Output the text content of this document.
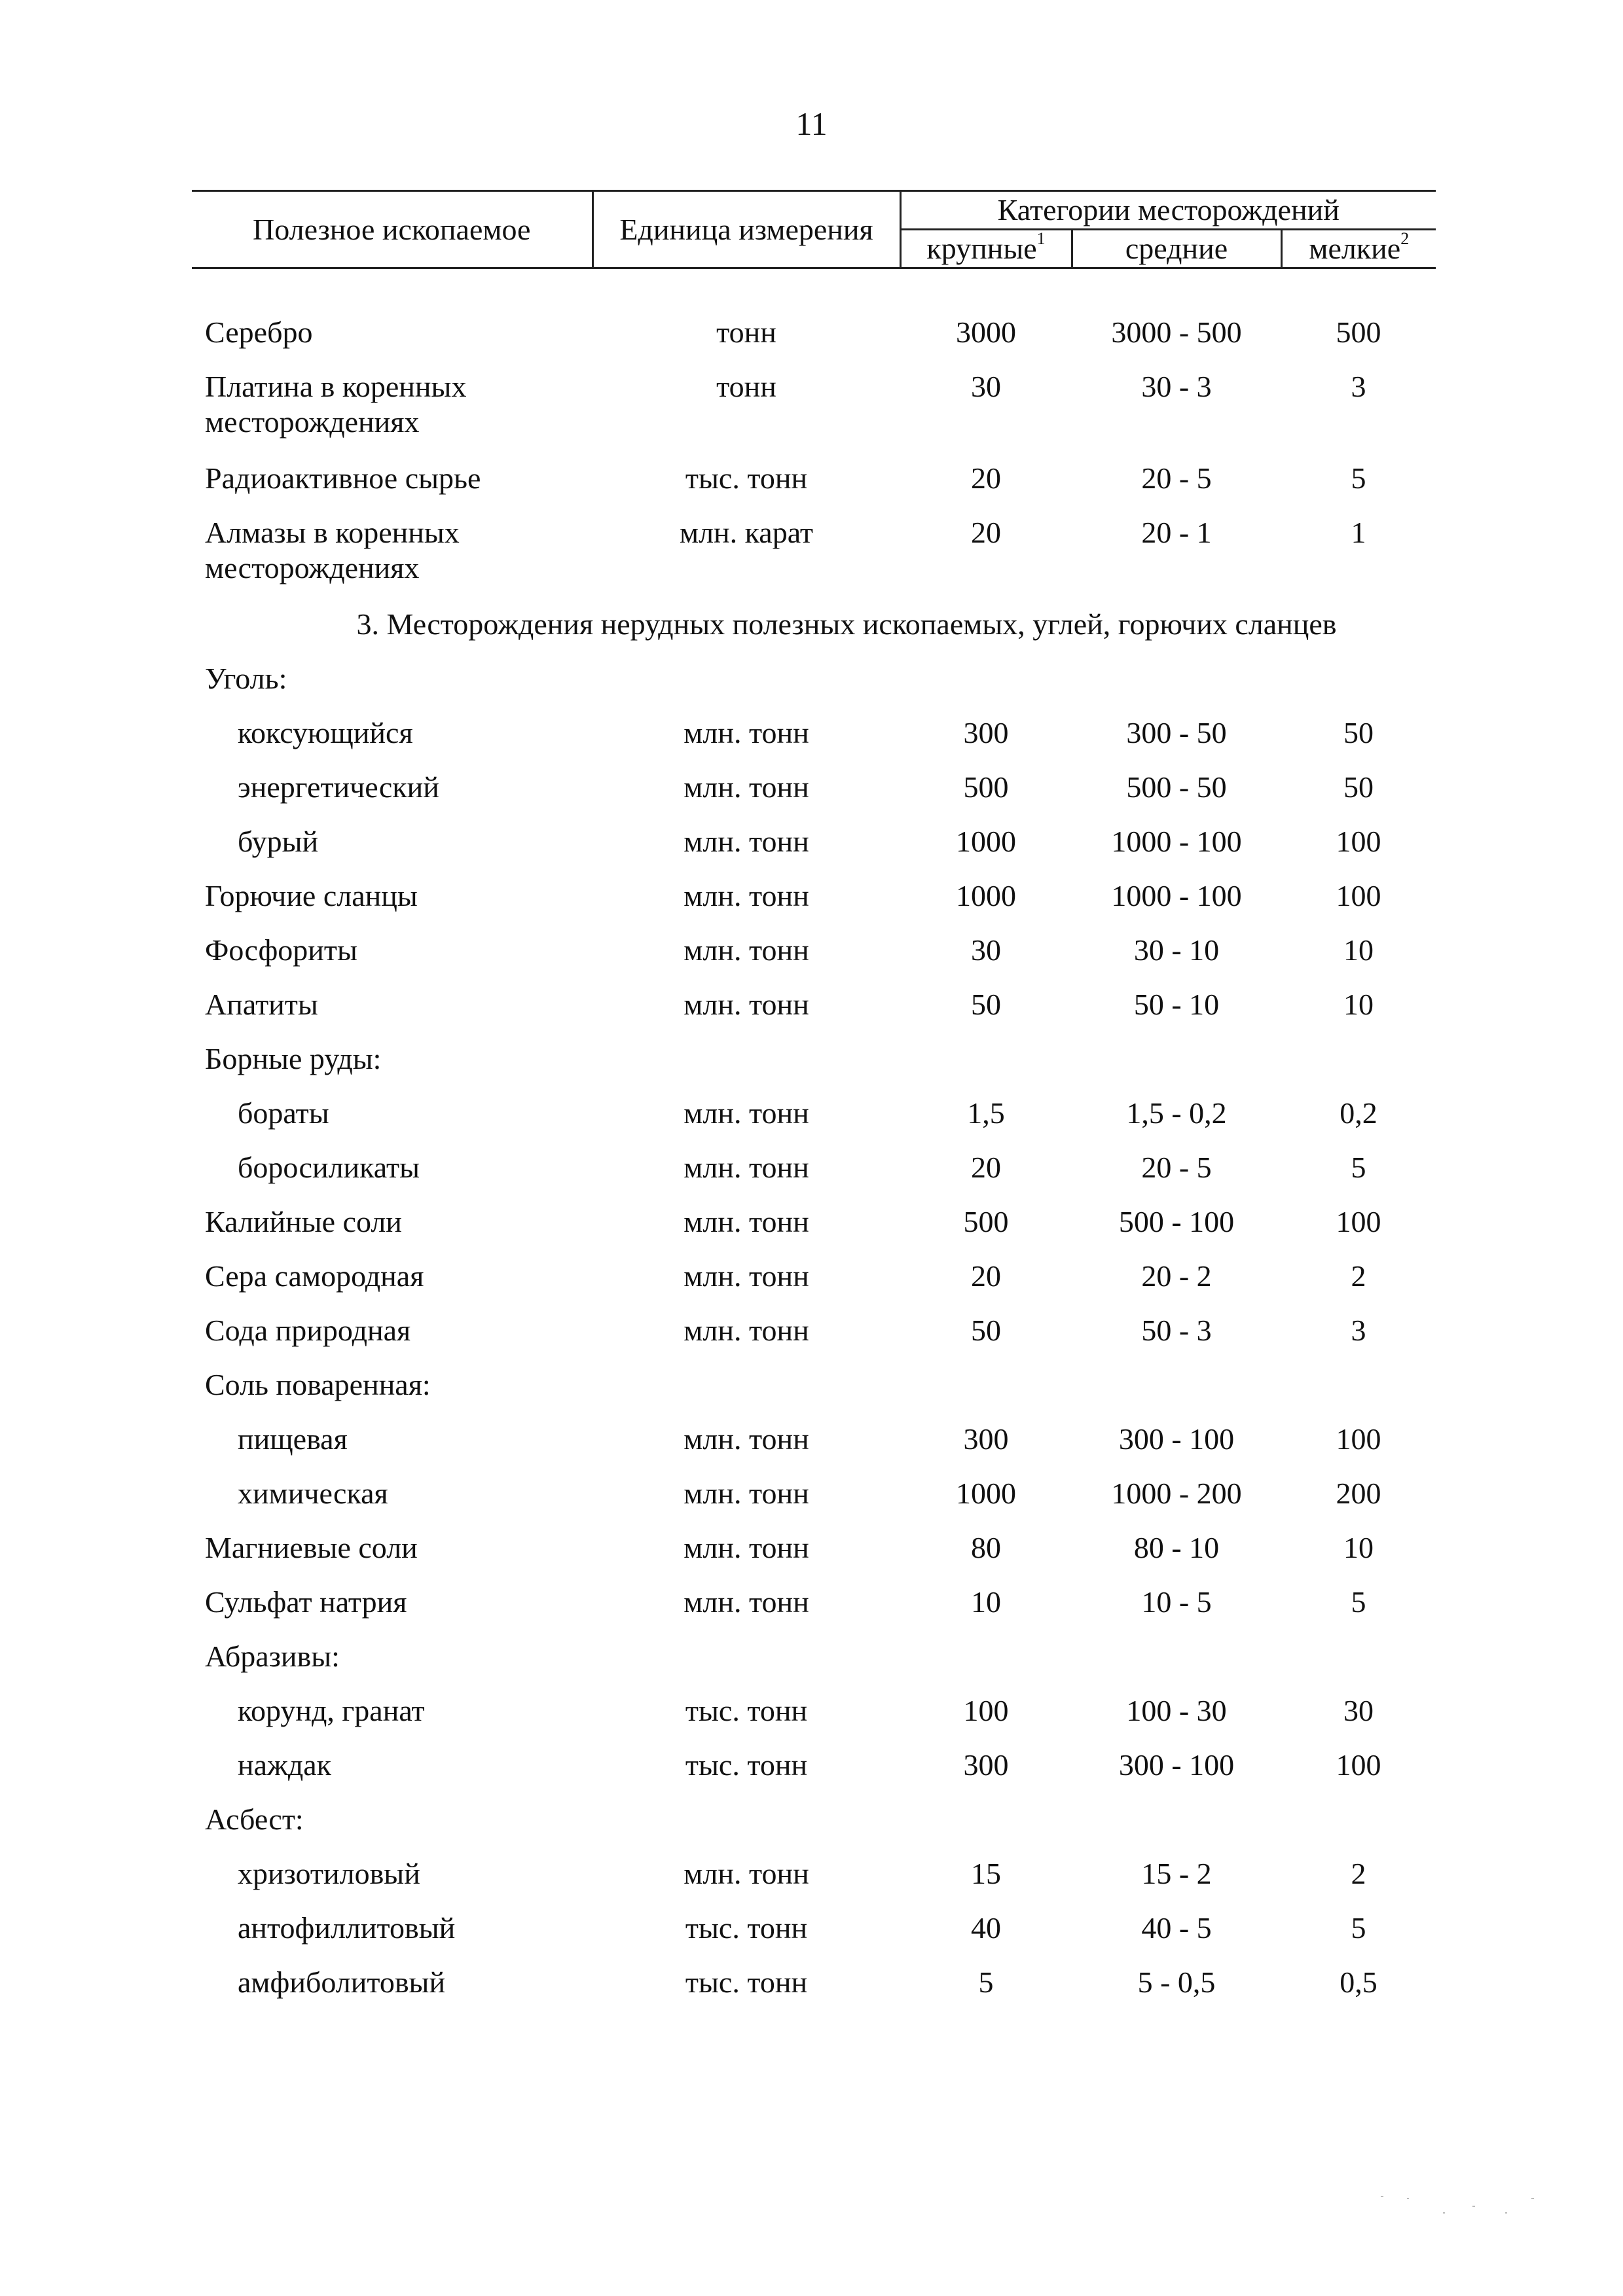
11
Полезное ископаемое	Единица измерения	Категории месторождений		
		крупные$^1$	средние	мелкие$^2$

Серебро	тонн	3000	3000 - 500	500
Платина в коренных месторождениях	тонн	30	30 - 3	3
Радиоактивное сырье	тыс. тонн	20	20 - 5	5
Алмазы в коренных месторождениях	млн. карат	20	20 - 1	1
3. Месторождения нерудных полезных ископаемых, углей, горючих сланцев				
Уголь:				
коксующийся	млн. тонн	300	300 - 50	50
энергетический	млн. тонн	500	500 - 50	50
бурый	млн. тонн	1000	1000 - 100	100
Горючие сланцы	млн. тонн	1000	1000 - 100	100
Фосфориты	млн. тонн	30	30 - 10	10
Апатиты	млн. тонн	50	50 - 10	10
Борные руды:				
бораты	млн. тонн	1,5	1,5 - 0,2	0,2
боросиликаты	млн. тонн	20	20 - 5	5
Калийные соли	млн. тонн	500	500 - 100	100
Сера самородная	млн. тонн	20	20 - 2	2
Сода природная	млн. тонн	50	50 - 3	3
Соль поваренная:				
пищевая	млн. тонн	300	300 - 100	100
химическая	млн. тонн	1000	1000 - 200	200
Магниевые соли	млн. тонн	80	80 - 10	10
Сульфат натрия	млн. тонн	10	10 - 5	5
Абразивы:				
корунд, гранат	тыс. тонн	100	100 - 30	30
наждак	тыс. тонн	300	300 - 100	100
Асбест:				
хризотиловый	млн. тонн	15	15 - 2	2
антофиллитовый	тыс. тонн	40	40 - 5	5
амфиболитовый	тыс. тонн	5	5 - 0,5	0,5
